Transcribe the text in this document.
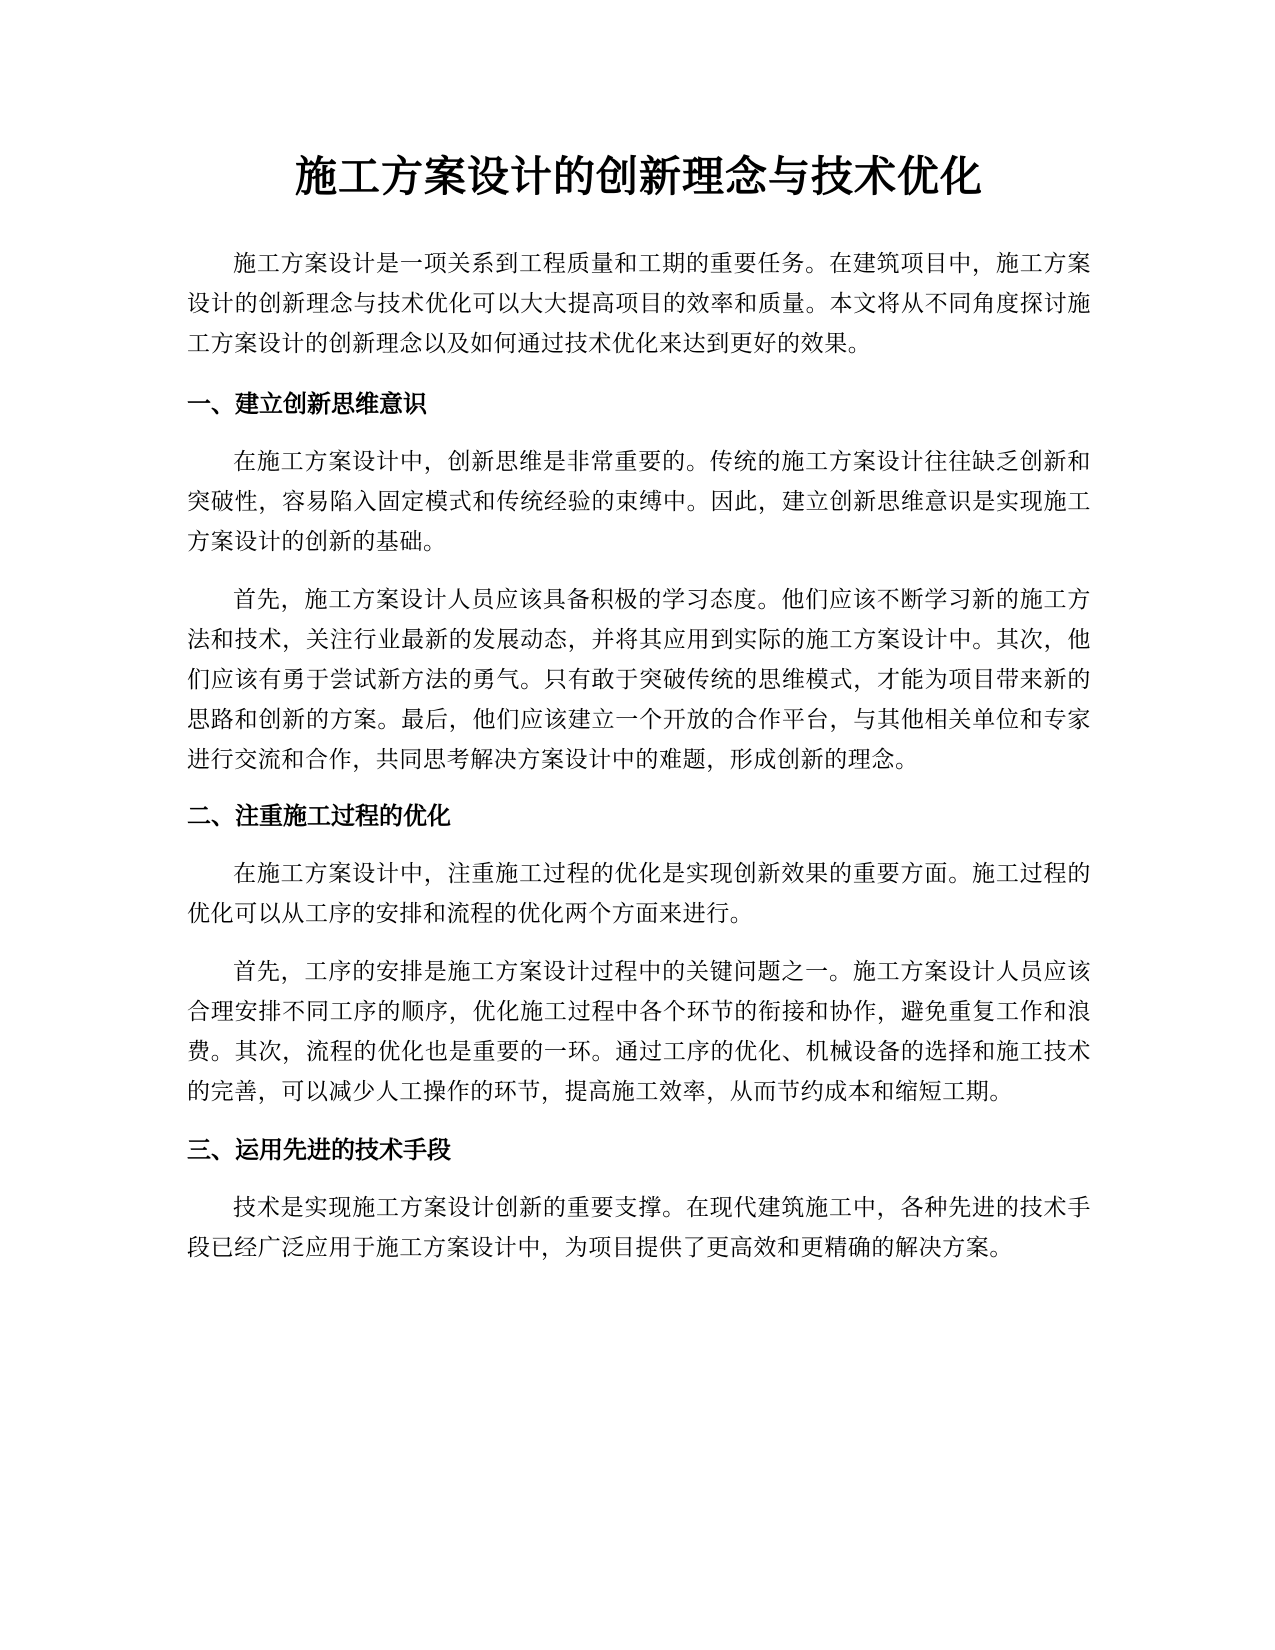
施工方案设计的创新理念与技术优化

施工方案设计是一项关系到工程质量和工期的重要任务。在建筑项目中，施工方案设计的创新理念与技术优化可以大大提高项目的效率和质量。本文将从不同角度探讨施工方案设计的创新理念以及如何通过技术优化来达到更好的效果。

一、建立创新思维意识

在施工方案设计中，创新思维是非常重要的。传统的施工方案设计往往缺乏创新和突破性，容易陷入固定模式和传统经验的束缚中。因此，建立创新思维意识是实现施工方案设计的创新的基础。

首先，施工方案设计人员应该具备积极的学习态度。他们应该不断学习新的施工方法和技术，关注行业最新的发展动态，并将其应用到实际的施工方案设计中。其次，他们应该有勇于尝试新方法的勇气。只有敢于突破传统的思维模式，才能为项目带来新的思路和创新的方案。最后，他们应该建立一个开放的合作平台，与其他相关单位和专家进行交流和合作，共同思考解决方案设计中的难题，形成创新的理念。

二、注重施工过程的优化

在施工方案设计中，注重施工过程的优化是实现创新效果的重要方面。施工过程的优化可以从工序的安排和流程的优化两个方面来进行。

首先，工序的安排是施工方案设计过程中的关键问题之一。施工方案设计人员应该合理安排不同工序的顺序，优化施工过程中各个环节的衔接和协作，避免重复工作和浪费。其次，流程的优化也是重要的一环。通过工序的优化、机械设备的选择和施工技术的完善，可以减少人工操作的环节，提高施工效率，从而节约成本和缩短工期。

三、运用先进的技术手段

技术是实现施工方案设计创新的重要支撑。在现代建筑施工中，各种先进的技术手段已经广泛应用于施工方案设计中，为项目提供了更高效和更精确的解决方案。
